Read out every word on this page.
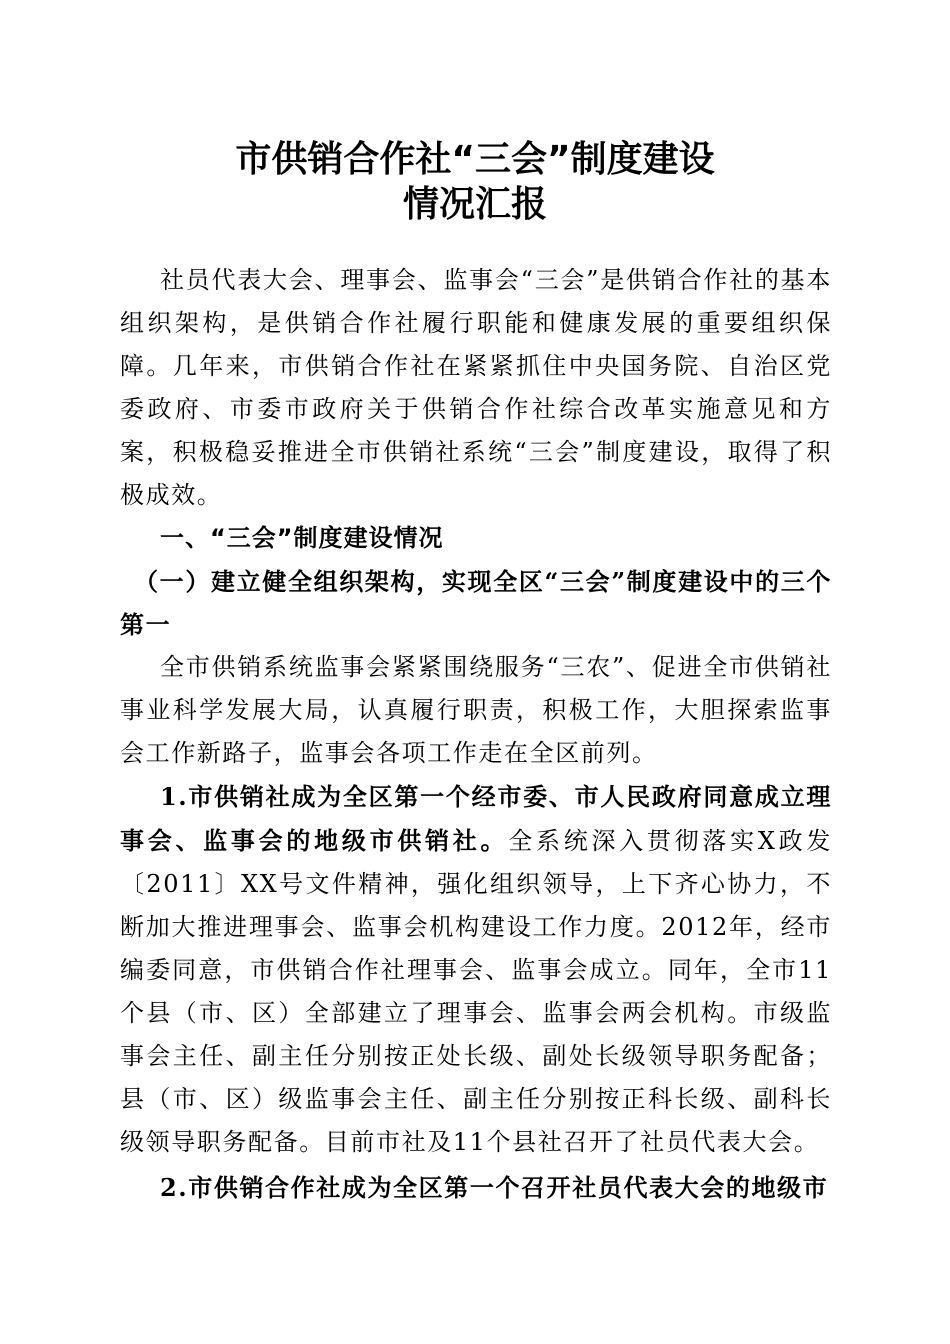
市供销合作社“三会”制度建设
情况汇报

社员代表大会、理事会、监事会“三会”是供销合作社的基本组织架构，是供销合作社履行职能和健康发展的重要组织保障。几年来，市供销合作社在紧紧抓住中央国务院、自治区党委政府、市委市政府关于供销合作社综合改革实施意见和方案，积极稳妥推进全市供销社系统“三会”制度建设，取得了积极成效。

一、“三会”制度建设情况

（一）建立健全组织架构，实现全区“三会”制度建设中的三个第一

全市供销系统监事会紧紧围绕服务“三农”、促进全市供销社事业科学发展大局，认真履行职责，积极工作，大胆探索监事会工作新路子，监事会各项工作走在全区前列。

1.市供销社成为全区第一个经市委、市人民政府同意成立理事会、监事会的地级市供销社。全系统深入贯彻落实X政发〔2011〕XX号文件精神，强化组织领导，上下齐心协力，不断加大推进理事会、监事会机构建设工作力度。2012年，经市编委同意，市供销合作社理事会、监事会成立。同年，全市11个县（市、区）全部建立了理事会、监事会两会机构。市级监事会主任、副主任分别按正处长级、副处长级领导职务配备；县（市、区）级监事会主任、副主任分别按正科长级、副科长级领导职务配备。目前市社及11个县社召开了社员代表大会。

2.市供销合作社成为全区第一个召开社员代表大会的地级市
